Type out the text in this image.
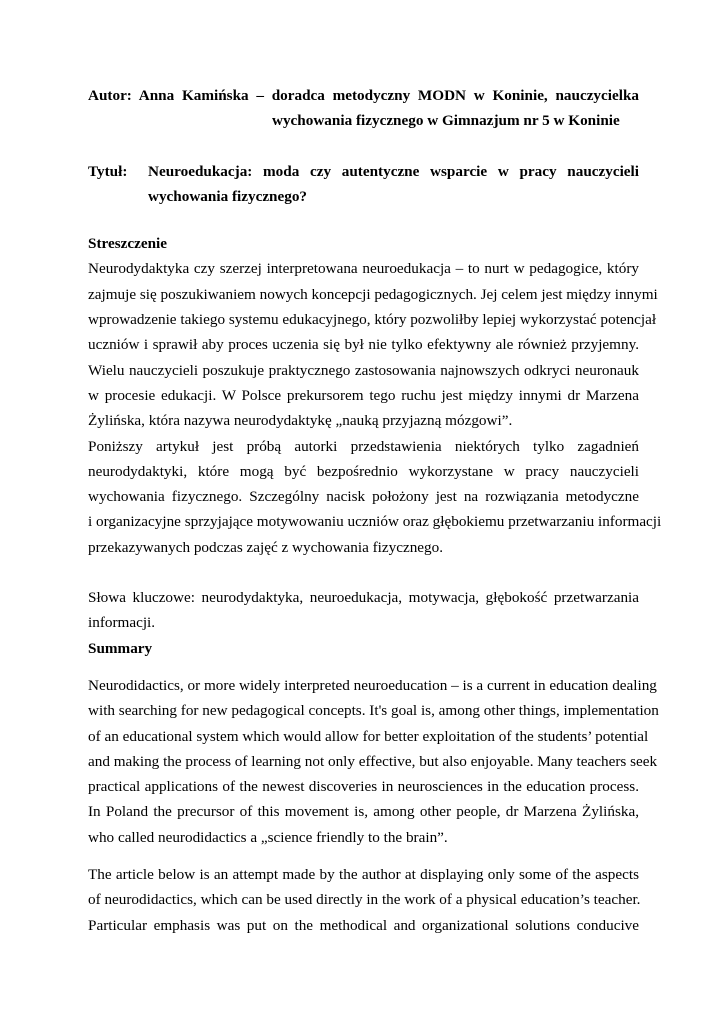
Autor: Anna Kamińska – doradca metodyczny MODN w Koninie, nauczycielka
wychowania fizycznego w Gimnazjum nr 5 w Koninie
Tytuł:	Neuroedukacja: moda czy autentyczne wsparcie w pracy nauczycieli
wychowania fizycznego?
Streszczenie
Neurodydaktyka czy szerzej interpretowana neuroedukacja – to nurt w pedagogice, który
zajmuje się poszukiwaniem nowych koncepcji pedagogicznych. Jej celem jest między innymi
wprowadzenie takiego systemu edukacyjnego, który pozwoliłby lepiej wykorzystać potencjał
uczniów i sprawił aby proces uczenia się był nie tylko efektywny ale również przyjemny.
Wielu nauczycieli poszukuje praktycznego zastosowania najnowszych odkryci neuronauk
w procesie edukacji. W Polsce prekursorem tego ruchu jest między innymi dr Marzena
Żylińska, która nazywa neurodydaktykę „nauką przyjazną mózgowi”.
Poniższy artykuł jest próbą autorki przedstawienia niektórych tylko zagadnień
neurodydaktyki, które mogą być bezpośrednio wykorzystane w pracy nauczycieli
wychowania fizycznego. Szczególny nacisk położony jest na rozwiązania metodyczne
i organizacyjne sprzyjające motywowaniu uczniów oraz głębokiemu przetwarzaniu informacji
przekazywanych podczas zajęć z wychowania fizycznego.
Słowa kluczowe: neurodydaktyka, neuroedukacja, motywacja, głębokość przetwarzania
informacji.
Summary
Neurodidactics, or more widely interpreted neuroeducation – is a current in education dealing
with searching for new pedagogical concepts. It's goal is, among other things, implementation
of an educational system which would allow for better exploitation of the students’ potential
and making the process of learning not only effective, but also enjoyable. Many teachers seek
practical applications of the newest discoveries in neurosciences in the education process.
In Poland the precursor of this movement is, among other people, dr Marzena Żylińska,
who called neurodidactics a „science friendly to the brain”.
The article below is an attempt made by the author at displaying only some of the aspects
of neurodidactics, which can be used directly in the work of a physical education’s teacher.
Particular emphasis was put on the methodical and organizational solutions conducive
